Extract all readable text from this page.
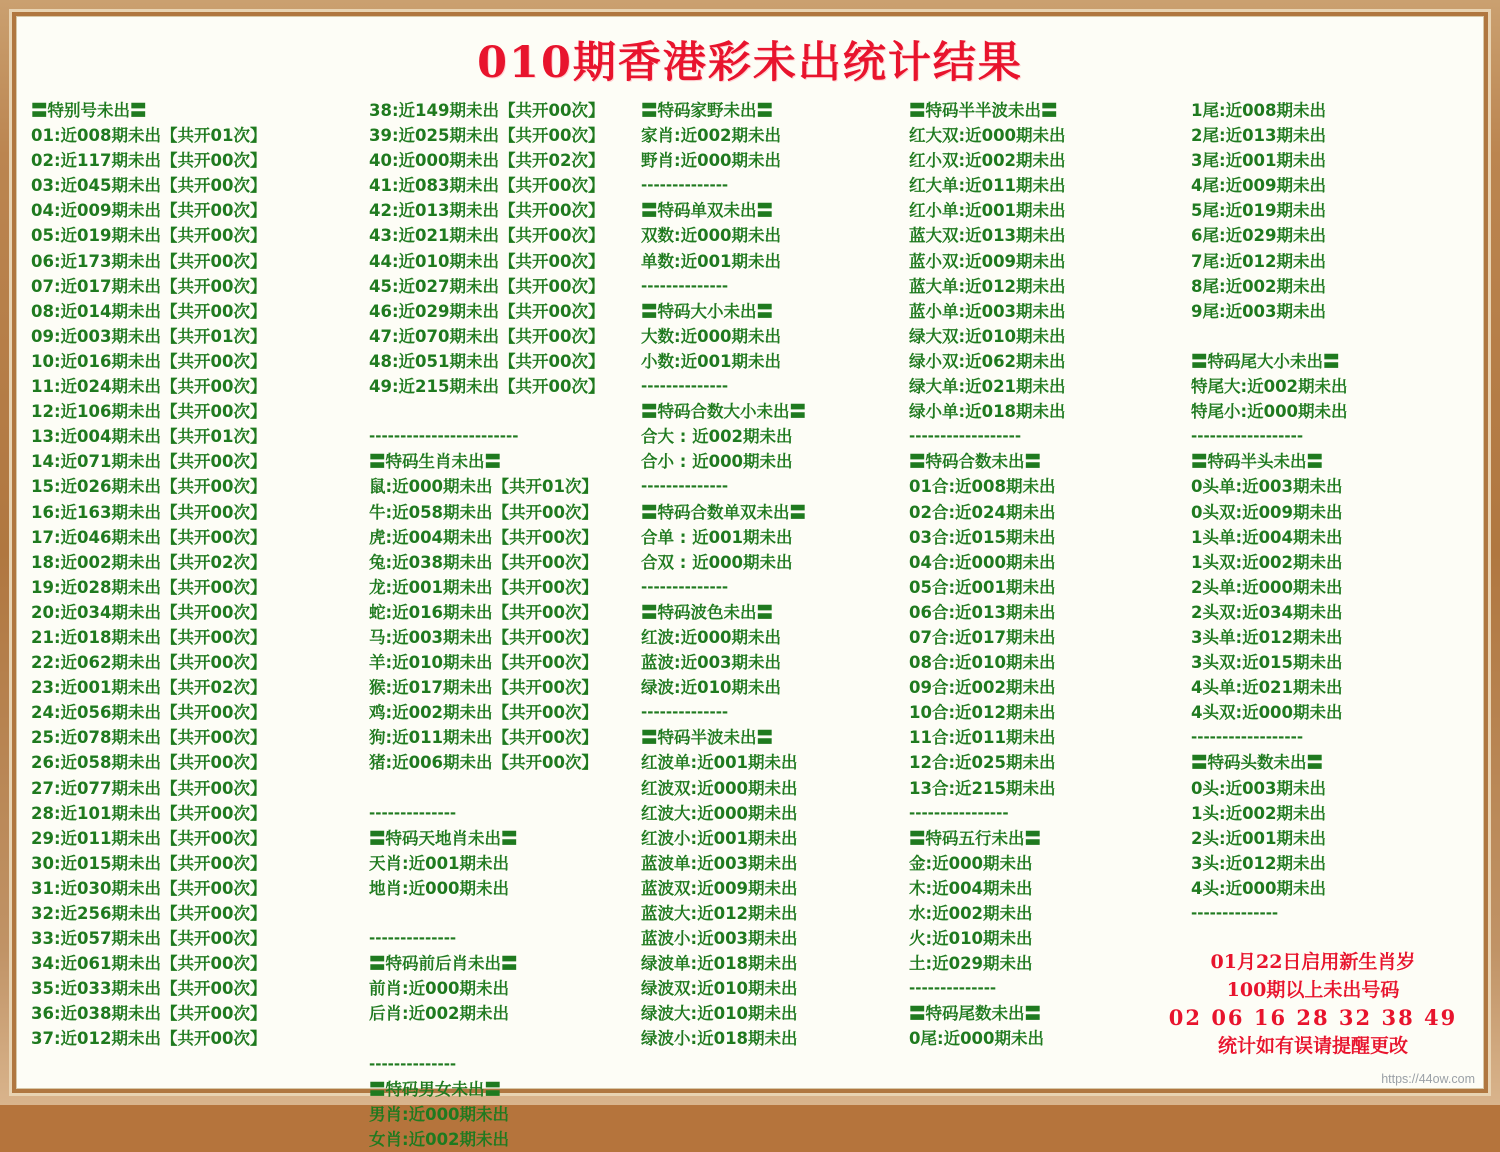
010期香港彩未出统计结果
〓特别号未出〓
01:近008期未出【共开01次】
02:近117期未出【共开00次】
03:近045期未出【共开00次】
04:近009期未出【共开00次】
05:近019期未出【共开00次】
06:近173期未出【共开00次】
07:近017期未出【共开00次】
08:近014期未出【共开00次】
09:近003期未出【共开01次】
10:近016期未出【共开00次】
11:近024期未出【共开00次】
12:近106期未出【共开00次】
13:近004期未出【共开01次】
14:近071期未出【共开00次】
15:近026期未出【共开00次】
16:近163期未出【共开00次】
17:近046期未出【共开00次】
18:近002期未出【共开02次】
19:近028期未出【共开00次】
20:近034期未出【共开00次】
21:近018期未出【共开00次】
22:近062期未出【共开00次】
23:近001期未出【共开02次】
24:近056期未出【共开00次】
25:近078期未出【共开00次】
26:近058期未出【共开00次】
27:近077期未出【共开00次】
28:近101期未出【共开00次】
29:近011期未出【共开00次】
30:近015期未出【共开00次】
31:近030期未出【共开00次】
32:近256期未出【共开00次】
33:近057期未出【共开00次】
34:近061期未出【共开00次】
35:近033期未出【共开00次】
36:近038期未出【共开00次】
37:近012期未出【共开00次】
38:近149期未出【共开00次】
39:近025期未出【共开00次】
40:近000期未出【共开02次】
41:近083期未出【共开00次】
42:近013期未出【共开00次】
43:近021期未出【共开00次】
44:近010期未出【共开00次】
45:近027期未出【共开00次】
46:近029期未出【共开00次】
47:近070期未出【共开00次】
48:近051期未出【共开00次】
49:近215期未出【共开00次】

------------------------
〓特码生肖未出〓
鼠:近000期未出【共开01次】
牛:近058期未出【共开00次】
虎:近004期未出【共开00次】
兔:近038期未出【共开00次】
龙:近001期未出【共开00次】
蛇:近016期未出【共开00次】
马:近003期未出【共开00次】
羊:近010期未出【共开00次】
猴:近017期未出【共开00次】
鸡:近002期未出【共开00次】
狗:近011期未出【共开00次】
猪:近006期未出【共开00次】

--------------
〓特码天地肖未出〓
天肖:近001期未出
地肖:近000期未出

--------------
〓特码前后肖未出〓
前肖:近000期未出
后肖:近002期未出

--------------
〓特码男女未出〓
男肖:近000期未出
女肖:近002期未出
〓特码家野未出〓
家肖:近002期未出
野肖:近000期未出
--------------
〓特码单双未出〓
双数:近000期未出
单数:近001期未出
--------------
〓特码大小未出〓
大数:近000期未出
小数:近001期未出
--------------
〓特码合数大小未出〓
合大 : 近002期未出
合小 : 近000期未出
--------------
〓特码合数单双未出〓
合单 : 近001期未出
合双 : 近000期未出
--------------
〓特码波色未出〓
红波:近000期未出
蓝波:近003期未出
绿波:近010期未出
--------------
〓特码半波未出〓
红波单:近001期未出
红波双:近000期未出
红波大:近000期未出
红波小:近001期未出
蓝波单:近003期未出
蓝波双:近009期未出
蓝波大:近012期未出
蓝波小:近003期未出
绿波单:近018期未出
绿波双:近010期未出
绿波大:近010期未出
绿波小:近018期未出
〓特码半半波未出〓
红大双:近000期未出
红小双:近002期未出
红大单:近011期未出
红小单:近001期未出
蓝大双:近013期未出
蓝小双:近009期未出
蓝大单:近012期未出
蓝小单:近003期未出
绿大双:近010期未出
绿小双:近062期未出
绿大单:近021期未出
绿小单:近018期未出
------------------
〓特码合数未出〓
01合:近008期未出
02合:近024期未出
03合:近015期未出
04合:近000期未出
05合:近001期未出
06合:近013期未出
07合:近017期未出
08合:近010期未出
09合:近002期未出
10合:近012期未出
11合:近011期未出
12合:近025期未出
13合:近215期未出
----------------
〓特码五行未出〓
金:近000期未出
木:近004期未出
水:近002期未出
火:近010期未出
土:近029期未出
--------------
〓特码尾数未出〓
0尾:近000期未出
1尾:近008期未出
2尾:近013期未出
3尾:近001期未出
4尾:近009期未出
5尾:近019期未出
6尾:近029期未出
7尾:近012期未出
8尾:近002期未出
9尾:近003期未出

〓特码尾大小未出〓
特尾大:近002期未出
特尾小:近000期未出
------------------
〓特码半头未出〓
0头单:近003期未出
0头双:近009期未出
1头单:近004期未出
1头双:近002期未出
2头单:近000期未出
2头双:近034期未出
3头单:近012期未出
3头双:近015期未出
4头单:近021期未出
4头双:近000期未出
------------------
〓特码头数未出〓
0头:近003期未出
1头:近002期未出
2头:近001期未出
3头:近012期未出
4头:近000期未出
--------------
01月22日启用新生肖岁
100期以上未出号码
02 06 16 28 32 38 49
统计如有误请提醒更改
https://44ow.com
